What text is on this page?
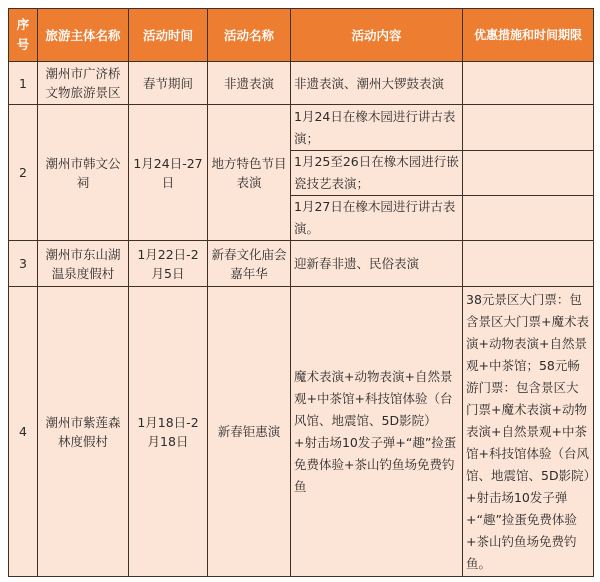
序号	旅游主体名称	活动时间	活动名称	活动内容	优惠措施和时间期限
1	潮州市广济桥文物旅游景区	春节期间	非遗表演	非遗表演、潮州大锣鼓表演	
2	潮州市韩文公祠	1月24日-27日	地方特色节目表演	1月24日在橡木园进行讲古表演；	
				1月25至26日在橡木园进行嵌瓷技艺表演；	
				1月27日在橡木园进行讲古表演。	
3	潮州市东山湖温泉度假村	1月22日-2月5日	新春文化庙会嘉年华	迎新春非遗、民俗表演	
4	潮州市紫莲森林度假村	1月18日-2月18日	新春钜惠演	魔术表演+动物表演+自然景观+中茶馆+科技馆体验（台风馆、地震馆、5D影院）+射击场10发子弹+“趣”捡蛋免费体验+茶山钓鱼场免费钓鱼	38元景区大门票：包含景区大门票+魔术表演+动物表演+自然景观+中茶馆；58元畅游门票：包含景区大门票+魔术表演+动物表演+自然景观+中茶馆+科技馆体验（台风馆、地震馆、5D影院）+射击场10发子弹+“趣”捡蛋免费体验+茶山钓鱼场免费钓鱼。
